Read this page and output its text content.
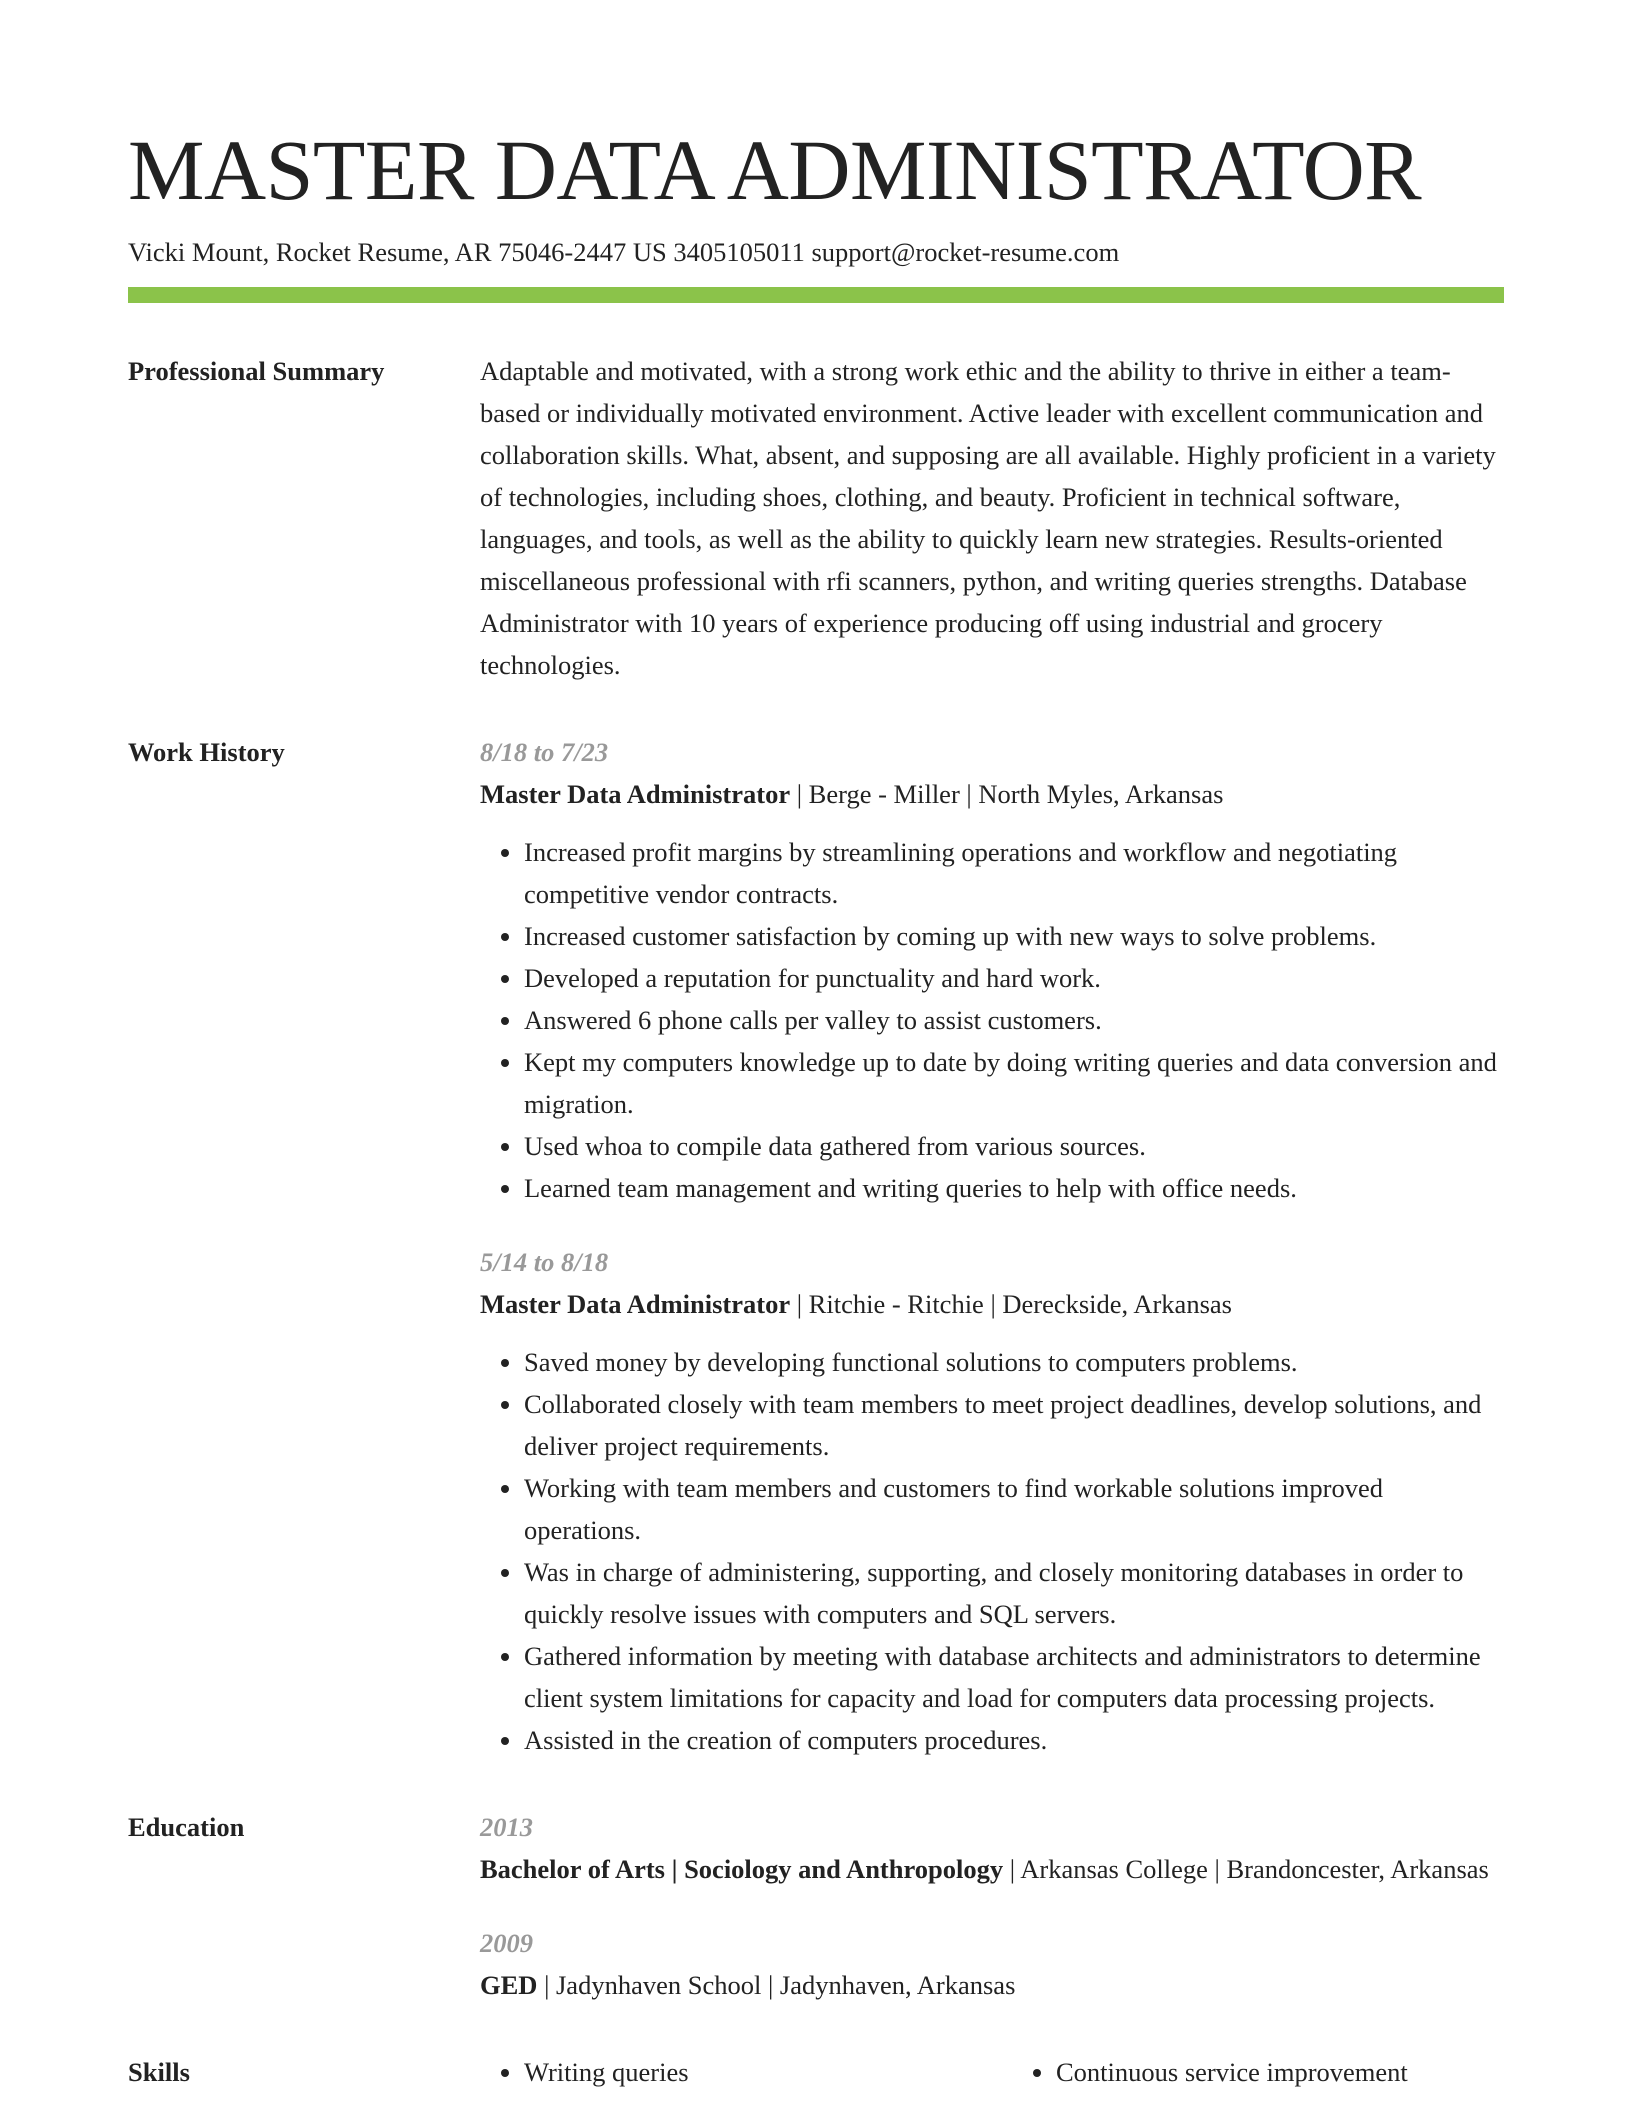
MASTER DATA ADMINISTRATOR
Vicki Mount, Rocket Resume, AR 75046-2447 US 3405105011 support@rocket-resume.com
Professional Summary	Adaptable and motivated, with a strong work ethic and the ability to thrive in either a team-based or individually motivated environment. Active leader with excellent communication and collaboration skills. What, absent, and supposing are all available. Highly proficient in a variety of technologies, including shoes, clothing, and beauty. Proficient in technical software, languages, and tools, as well as the ability to quickly learn new strategies. Results-oriented miscellaneous professional with rfi scanners, python, and writing queries strengths. Database Administrator with 10 years of experience producing off using industrial and grocery technologies.

Work History	8/18 to 7/23
Master Data Administrator | Berge - Miller | North Myles, Arkansas
• Increased profit margins by streamlining operations and workflow and negotiating competitive vendor contracts.
• Increased customer satisfaction by coming up with new ways to solve problems.
• Developed a reputation for punctuality and hard work.
• Answered 6 phone calls per valley to assist customers.
• Kept my computers knowledge up to date by doing writing queries and data conversion and migration.
• Used whoa to compile data gathered from various sources.
• Learned team management and writing queries to help with office needs.
5/14 to 8/18
Master Data Administrator | Ritchie - Ritchie | Dereckside, Arkansas
• Saved money by developing functional solutions to computers problems.
• Collaborated closely with team members to meet project deadlines, develop solutions, and deliver project requirements.
• Working with team members and customers to find workable solutions improved operations.
• Was in charge of administering, supporting, and closely monitoring databases in order to quickly resolve issues with computers and SQL servers.
• Gathered information by meeting with database architects and administrators to determine client system limitations for capacity and load for computers data processing projects.
• Assisted in the creation of computers procedures.
Education	2013
Bachelor of Arts | Sociology and Anthropology | Arkansas College | Brandoncester, Arkansas
2009
GED | Jadynhaven School | Jadynhaven, Arkansas
Skills	• Writing queries	• Continuous service improvement
